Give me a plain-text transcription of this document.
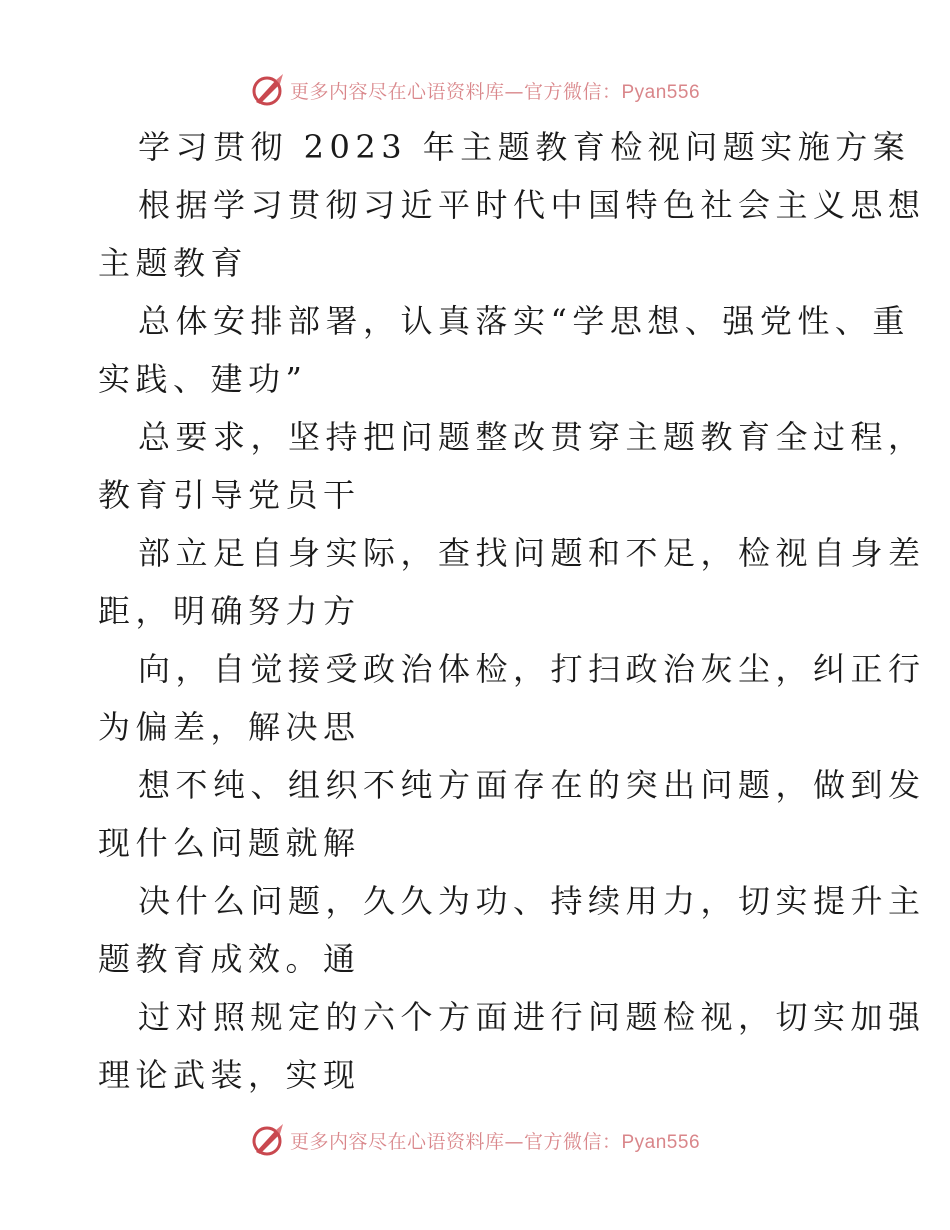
更多内容尽在心语资料库—官方微信：Pyan556
学习贯彻 2023 年主题教育检视问题实施方案
根据学习贯彻习近平时代中国特色社会主义思想
主题教育
总体安排部署，认真落实“学思想、强党性、重
实践、建功”
总要求，坚持把问题整改贯穿主题教育全过程，
教育引导党员干
部立足自身实际，查找问题和不足，检视自身差
距，明确努力方
向，自觉接受政治体检，打扫政治灰尘，纠正行
为偏差，解决思
想不纯、组织不纯方面存在的突出问题，做到发
现什么问题就解
决什么问题，久久为功、持续用力，切实提升主
题教育成效。通
过对照规定的六个方面进行问题检视，切实加强
理论武装，实现
更多内容尽在心语资料库—官方微信：Pyan556
